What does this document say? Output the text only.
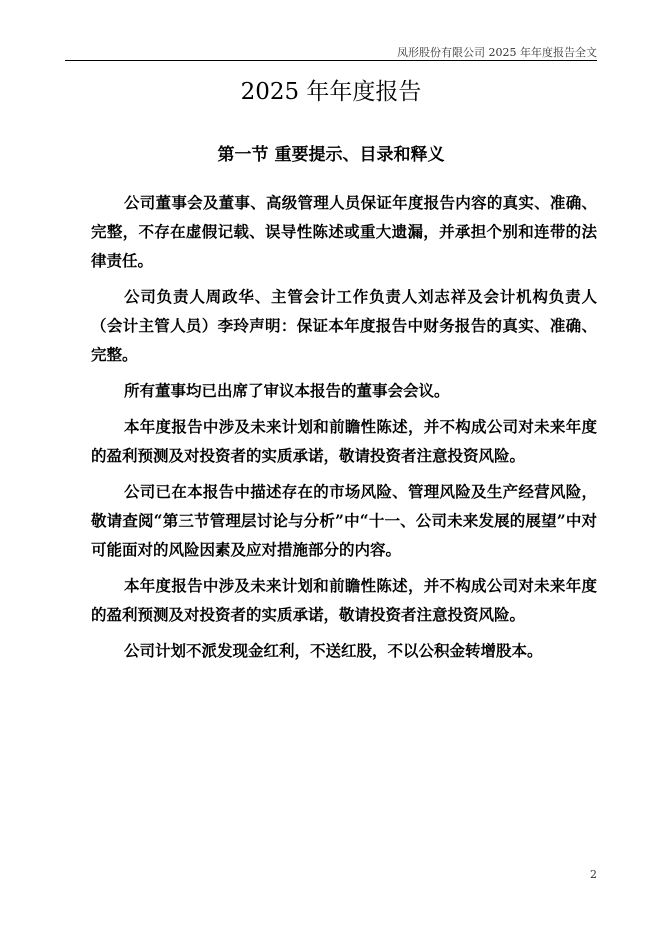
凤形股份有限公司 2025 年年度报告全文
2025 年年度报告
第一节 重要提示、目录和释义

公司董事会及董事、高级管理人员保证年度报告内容的真实、准确、完整，不存在虚假记载、误导性陈述或重大遗漏，并承担个别和连带的法律责任。

公司负责人周政华、主管会计工作负责人刘志祥及会计机构负责人（会计主管人员）李玲声明：保证本年度报告中财务报告的真实、准确、完整。

所有董事均已出席了审议本报告的董事会会议。

本年度报告中涉及未来计划和前瞻性陈述，并不构成公司对未来年度的盈利预测及对投资者的实质承诺，敬请投资者注意投资风险。

公司已在本报告中描述存在的市场风险、管理风险及生产经营风险，敬请查阅“第三节管理层讨论与分析”中“十一、公司未来发展的展望”中对可能面对的风险因素及应对措施部分的内容。

本年度报告中涉及未来计划和前瞻性陈述，并不构成公司对未来年度的盈利预测及对投资者的实质承诺，敬请投资者注意投资风险。

公司计划不派发现金红利，不送红股，不以公积金转增股本。

2
